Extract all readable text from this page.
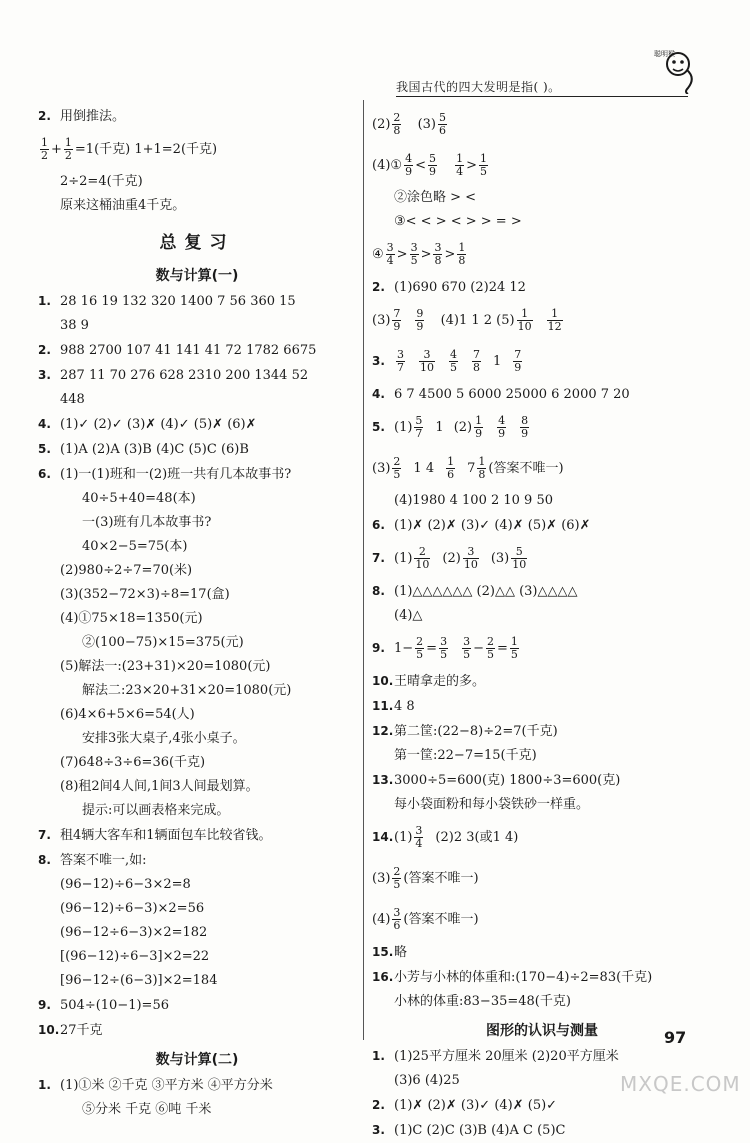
我国古代的四大发明是指( )。
聪明猴
2. 用倒推法。
$\frac{1}{2} + \frac{1}{2} =1$(千克) 1+1=2(千克)
2÷2=4(千克)
原来这桶油重4千克。
总复习
数与计算(一)
1. 28 16 19 132 320 1400 7 56 360 15
38 9
2. 988 2700 107 41 141 41 72 1782 6675
3. 287 11 70 276 628 2310 200 1344 52
448
4. (1)✓ (2)✓ (3)✗ (4)✓ (5)✗ (6)✗
5. (1)A (2)A (3)B (4)C (5)C (6)B
6. (1)一(1)班和一(2)班一共有几本故事书?
40÷5+40=48(本)
一(3)班有几本故事书?
40×2−5=75(本)
(2)980÷2÷7=70(米)
(3)(352−72×3)÷8=17(盒)
(4)①75×18=1350(元)
②(100−75)×15=375(元)
(5)解法一:(23+31)×20=1080(元)
解法二:23×20+31×20=1080(元)
(6)4×6+5×6=54(人)
安排3张大桌子,4张小桌子。
(7)648÷3÷6=36(千克)
(8)租2间4人间,1间3人间最划算。
提示:可以画表格来完成。
7. 租4辆大客车和1辆面包车比较省钱。
8. 答案不唯一,如:
(96−12)÷6−3×2=8
(96−12)÷6−3)×2=56
(96−12÷6−3)×2=182
[(96−12)÷6−3]×2=22
[96−12÷(6−3)]×2=184
9. 504÷(10−1)=56
10.27千克
数与计算(二)
1. (1)①米 ②千克 ③平方米 ④平方分米
⑤分米 千克 ⑥吨 千米
$(2) \frac{2}{8} (3) \frac{5}{6}$
(4)① $\frac{4}{9} < \frac{5}{9}$
$\frac{1}{4} > \frac{1}{5}$
②涂色略 > <
③< < > < > > = >
④ $\frac{3}{4} > \frac{3}{5} > \frac{3}{8} > \frac{1}{8}$
2. (1)690 670 (2)24 12
$(3) \frac{7}{9} \frac{9}{9} (4)1$ 1 2 $(5) \frac{1}{10} \frac{1}{12}$
3. $\frac{3}{7} \frac{3}{10} \frac{4}{5} \frac{7}{8} 1 \frac{7}{9}$
4. 6 7 4500 5 6000 25000 6 2000 7 20
5. $(1) \frac{5}{7} 1$ $(2) \frac{1}{9} \frac{4}{9} \frac{8}{9}$
$(3) \frac{2}{5} 1$ $4 \frac{1}{6} 7 \frac{1}{8}$ (答案不唯一)
(4)1980 4 100 2 10 9 50
6. (1)✗ (2)✗ (3)✓ (4)✗ (5)✗ (6)✗
7. $(1) \frac{2}{10} (2) \frac{3}{10} (3) \frac{5}{10}$
8. (1)△△△△△△ (2)△△ (3)△△△△
(4)△
9. $1- \frac{2}{5} = \frac{3}{5} \frac{3}{5} - \frac{2}{5} = \frac{1}{5}$
10.王晴拿走的多。
11.4 8
12.第二筐:(22−8)÷2=7(千克)
第一筐:22−7=15(千克)
13.3000÷5=600(克) 1800÷3=600(克)
每小袋面粉和每小袋铁砂一样重。
$14.(1) \frac{3}{4} (2)2$ 3(或1 4)
$(3) \frac{2}{5}$ (答案不唯一)
$(4) \frac{3}{6}$ (答案不唯一)
15.略
16.小芳与小林的体重和:(170−4)÷2=83(千克)
小林的体重:83−35=48(千克)
图形的认识与测量
1. (1)25平方厘米 20厘米 (2)20平方厘米
(3)6 (4)25
2. (1)✗ (2)✗ (3)✓ (4)✗ (5)✓
3. (1)C (2)C (3)B (4)A C (5)C
97
MXQE.COM
